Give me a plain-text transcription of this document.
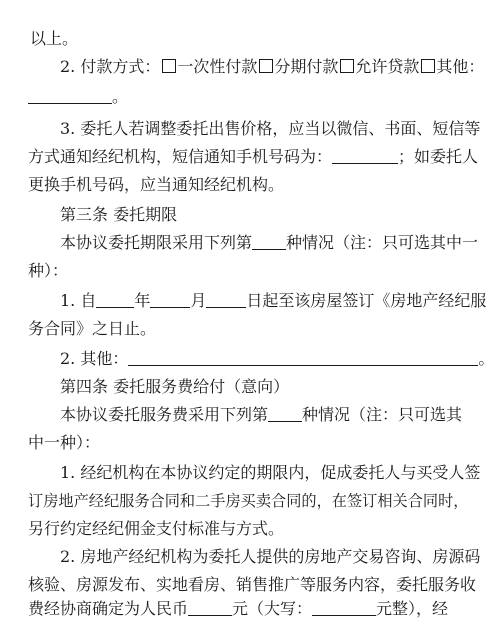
以上。
2. 付款方式： 一次性付款 分期付款 允许贷款 其他：
。
3. 委托人若调整委托出售价格，应当以微信、书面、短信等
方式通知经纪机构，短信通知手机号码为：	；如委托人
更换手机号码，应当通知经纪机构。
第三条 委托期限
本协议委托期限采用下列第 种情况（注：只可选其中一
种）：
1. 自 年	月	日起至该房屋签订《房地产经纪服
务合同》之日止。
2. 其他：	。
第四条 委托服务费给付（意向）
本协议委托服务费采用下列第 种情况（注：只可选其
中一种）：
1. 经纪机构在本协议约定的期限内，促成委托人与买受人签
订房地产经纪服务合同和二手房买卖合同的，在签订相关合同时，
另行约定经纪佣金支付标准与方式。
2. 房地产经纪机构为委托人提供的房地产交易咨询、房源码
核验、房源发布、实地看房、销售推广等服务内容，委托服务收
费经协商确定为人民币	元（大写：	元整），经
